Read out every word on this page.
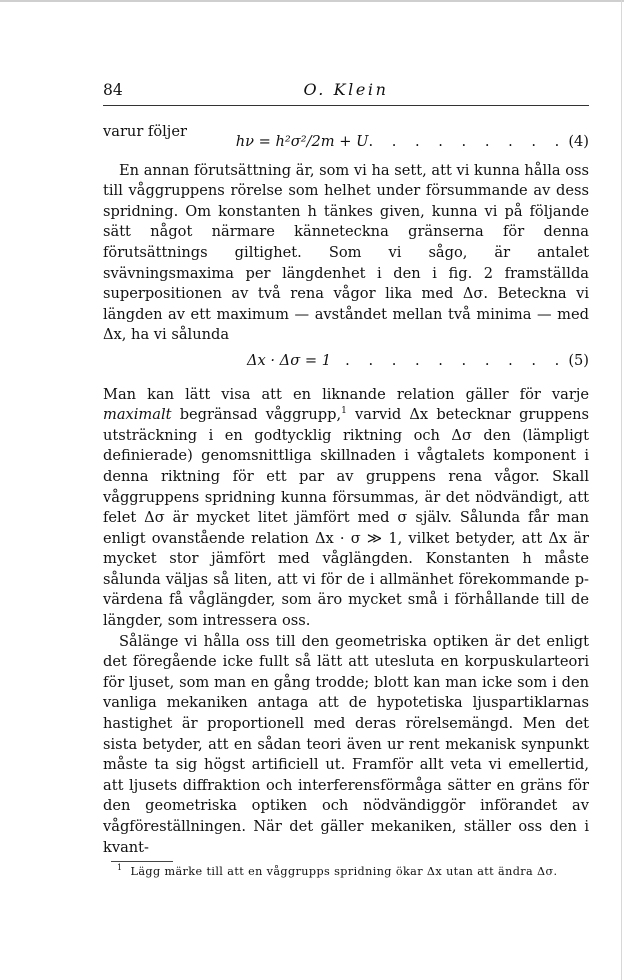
84	O. Klein
varur följer
hν = h²σ²/2m + U . . . . . . . . . (4)

En annan förutsättning är, som vi ha sett, att vi kunna hålla oss till våggruppens rörelse som helhet under försummande av dess spridning. Om konstanten h tänkes given, kunna vi på följande sätt något närmare känneteckna gränserna för denna förutsättnings giltighet. Som vi sågo, är antalet svävningsmaxima per längdenhet i den i fig. 2 framställda superpositionen av två rena vågor lika med Δσ. Beteckna vi längden av ett maximum — avståndet mellan två minima — med Δx, ha vi sålunda

Δx · Δσ = 1 . . . . . . . . . . (5)

Man kan lätt visa att en liknande relation gäller för varje maximalt begränsad våggrupp,$^1$ varvid Δx betecknar gruppens utsträckning i en godtycklig riktning och Δσ den (lämpligt definierade) genomsnittliga skillnaden i vågtalets komponent i denna riktning för ett par av gruppens rena vågor. Skall våggruppens spridning kunna försummas, är det nödvändigt, att felet Δσ är mycket litet jämfört med σ själv. Sålunda får man enligt ovanstående relation Δx · σ ≫ 1, vilket betyder, att Δx är mycket stor jämfört med våglängden. Konstanten h måste sålunda väljas så liten, att vi för de i allmänhet förekommande p-värdena få våglängder, som äro mycket små i förhållande till de längder, som intressera oss.

Sålänge vi hålla oss till den geometriska optiken är det enligt det föregående icke fullt så lätt att utesluta en korpuskularteori för ljuset, som man en gång trodde; blott kan man icke som i den vanliga mekaniken antaga att de hypotetiska ljuspartiklarnas hastighet är proportionell med deras rörelsemängd. Men det sista betyder, att en sådan teori även ur rent mekanisk synpunkt måste ta sig högst artificiell ut. Framför allt veta vi emellertid, att ljusets diffraktion och interferensförmåga sätter en gräns för den geometriska optiken och nödvändiggör införandet av vågföreställningen. När det gäller mekaniken, ställer oss den i kvant-

$^1$ Lägg märke till att en våggrupps spridning ökar Δx utan att ändra Δσ.
